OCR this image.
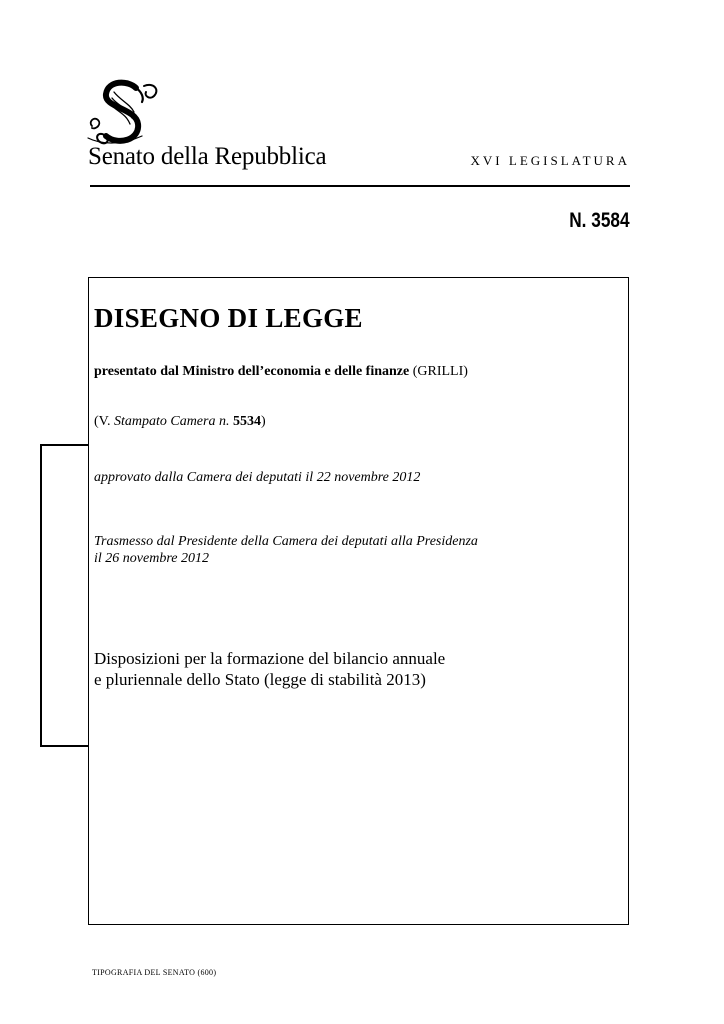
Senato della Repubblica	XVI LEGISLATURA
N. 3584
DISEGNO DI LEGGE
presentato dal Ministro dell’economia e delle finanze (GRILLI)
(V. Stampato Camera n. 5534)
approvato dalla Camera dei deputati il 22 novembre 2012
Trasmesso dal Presidente della Camera dei deputati alla Presidenza
il 26 novembre 2012
Disposizioni per la formazione del bilancio annuale
e pluriennale dello Stato (legge di stabilità 2013)
TIPOGRAFIA DEL SENATO (600)
